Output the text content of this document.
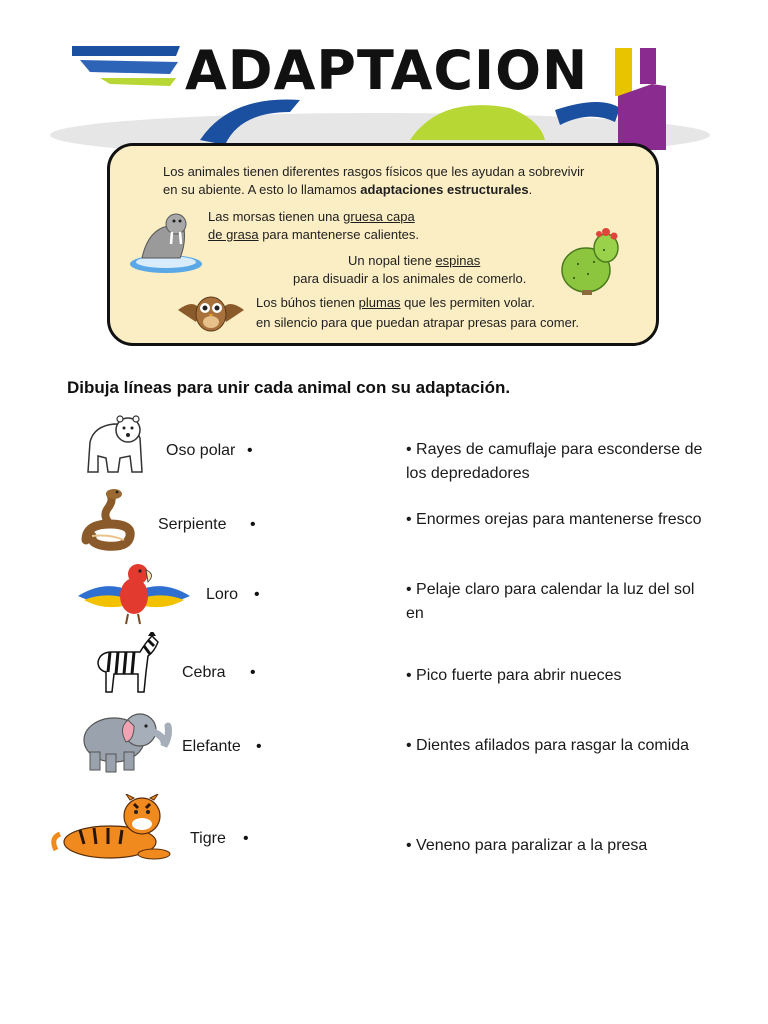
ADAPTACION
Los animales tienen diferentes rasgos físicos que les ayudan a sobrevivir
en su abiente. A esto lo llamamos adaptaciones estructurales.
Las morsas tienen una gruesa capa
de grasa para mantenerse calientes.
Un nopal tiene espinas
para disuadir a los animales de comerlo.
Los búhos tienen plumas que les permiten volar.
en silencio para que puedan atrapar presas para comer.
Dibuja líneas para unir cada animal con su adaptación.
Oso polar •	• Rayes de camuflaje para esconderse de los depredadores
Serpiente •	• Enormes orejas para mantenerse fresco
Loro •	• Pelaje claro para calendar la luz del sol en
Cebra •	• Pico fuerte para abrir nueces
Elefante •	• Dientes afilados para rasgar la comida
Tigre •	• Veneno para paralizar a la presa
